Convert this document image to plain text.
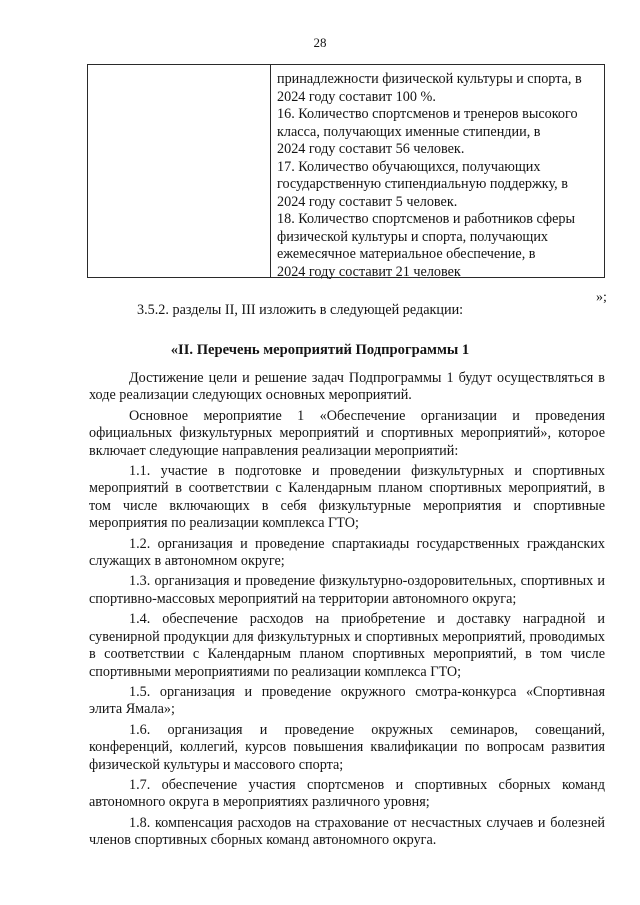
28
принадлежности физической культуры и спорта, в
2024 году составит 100 %.
16. Количество спортсменов и тренеров высокого
класса, получающих именные стипендии, в
2024 году составит 56 человек.
17. Количество обучающихся, получающих
государственную стипендиальную поддержку, в
2024 году составит 5 человек.
18. Количество спортсменов и работников сферы
физической культуры и спорта, получающих
ежемесячное материальное обеспечение, в
2024 году составит 21 человек
»;
3.5.2. разделы II, III изложить в следующей редакции:
«II. Перечень мероприятий Подпрограммы 1

Достижение цели и решение задач Подпрограммы 1 будут осуществляться в ходе реализации следующих основных мероприятий.

Основное мероприятие 1 «Обеспечение организации и проведения официальных физкультурных мероприятий и спортивных мероприятий», которое включает следующие направления реализации мероприятий:

1.1. участие в подготовке и проведении физкультурных и спортивных мероприятий в соответствии с Календарным планом спортивных мероприятий, в том числе включающих в себя физкультурные мероприятия и спортивные мероприятия по реализации комплекса ГТО;

1.2. организация и проведение спартакиады государственных гражданских служащих в автономном округе;

1.3. организация и проведение физкультурно-оздоровительных, спортивных и спортивно-массовых мероприятий на территории автономного округа;

1.4. обеспечение расходов на приобретение и доставку наградной и сувенирной продукции для физкультурных и спортивных мероприятий, проводимых в соответствии с Календарным планом спортивных мероприятий, в том числе спортивными мероприятиями по реализации комплекса ГТО;

1.5. организация и проведение окружного смотра-конкурса «Спортивная элита Ямала»;

1.6. организация и проведение окружных семинаров, совещаний, конференций, коллегий, курсов повышения квалификации по вопросам развития физической культуры и массового спорта;

1.7. обеспечение участия спортсменов и спортивных сборных команд автономного округа в мероприятиях различного уровня;

1.8. компенсация расходов на страхование от несчастных случаев и болезней членов спортивных сборных команд автономного округа.
